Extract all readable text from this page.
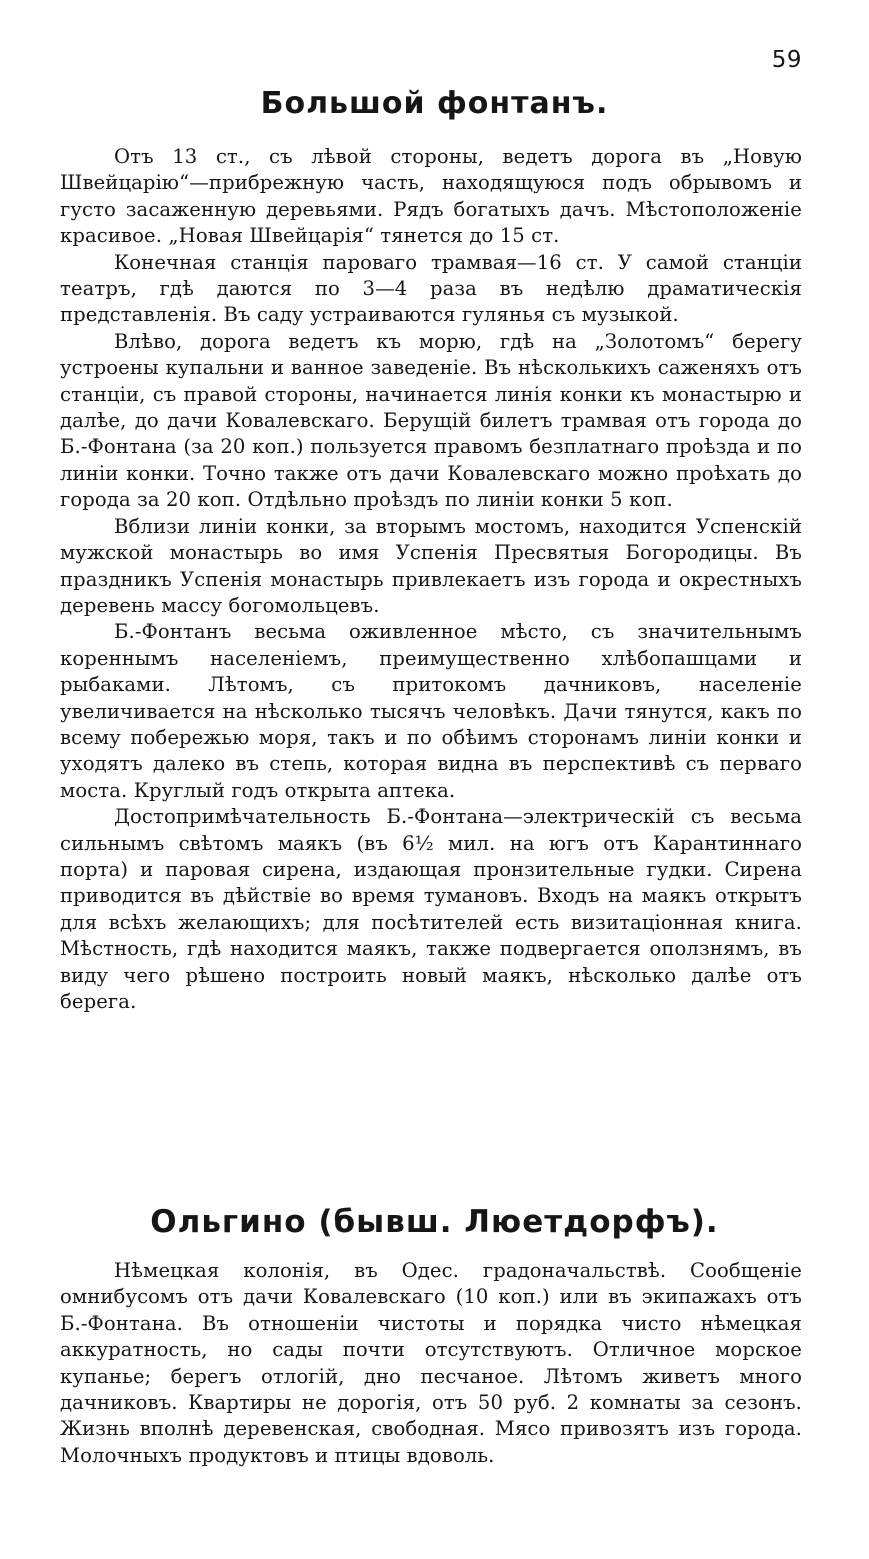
59
Большой фонтанъ.

Отъ 13 ст., съ лѣвой стороны, ведетъ дорога въ „Новую Швейцарію“—прибрежную часть, находящуюся подъ обрывомъ и густо засаженную деревьями. Рядъ богатыхъ дачъ. Мѣстоположеніе красивое. „Новая Швейцарія“ тянется до 15 ст.

Конечная станція пароваго трамвая—16 ст. У самой станціи театръ, гдѣ даются по 3—4 раза въ недѣлю драматическія представленія. Въ саду устраиваются гулянья съ музыкой.

Влѣво, дорога ведетъ къ морю, гдѣ на „Золотомъ“ берегу устроены купальни и ванное заведеніе. Въ нѣсколькихъ саженяхъ отъ станціи, съ правой стороны, начинается линія конки къ монастырю и далѣе, до дачи Ковалевскаго. Берущій билетъ трамвая отъ города до Б.-Фонтана (за 20 коп.) пользуется правомъ безплатнаго проѣзда и по линіи конки. Точно также отъ дачи Ковалевскаго можно проѣхать до города за 20 коп. Отдѣльно проѣздъ по линіи конки 5 коп.

Вблизи линіи конки, за вторымъ мостомъ, находится Успенскій мужской монастырь во имя Успенія Пресвятыя Богородицы. Въ праздникъ Успенія монастырь привлекаетъ изъ города и окрестныхъ деревень массу богомольцевъ.

Б.-Фонтанъ весьма оживленное мѣсто, съ значительнымъ кореннымъ населеніемъ, преимущественно хлѣбопашцами и рыбаками. Лѣтомъ, съ притокомъ дачниковъ, населеніе увеличивается на нѣсколько тысячъ человѣкъ. Дачи тянутся, какъ по всему побережью моря, такъ и по обѣимъ сторонамъ линіи конки и уходятъ далеко въ степь, которая видна въ перспективѣ съ перваго моста. Круглый годъ открыта аптека.

Достопримѣчательность Б.-Фонтана—электрическій съ весьма сильнымъ свѣтомъ маякъ (въ 6½ мил. на югъ отъ Карантиннаго порта) и паровая сирена, издающая пронзительные гудки. Сирена приводится въ дѣйствіе во время тумановъ. Входъ на маякъ открытъ для всѣхъ желающихъ; для посѣтителей есть визитаціонная книга. Мѣстность, гдѣ находится маякъ, также подвергается оползнямъ, въ виду чего рѣшено построить новый маякъ, нѣсколько далѣе отъ берега.

Ольгино (бывш. Люетдорфъ).

Нѣмецкая колонія, въ Одес. градоначальствѣ. Сообщеніе омнибусомъ отъ дачи Ковалевскаго (10 коп.) или въ экипажахъ отъ Б.-Фонтана. Въ отношеніи чистоты и порядка чисто нѣмецкая аккуратность, но сады почти отсутствуютъ. Отличное морское купанье; берегъ отлогій, дно песчаное. Лѣтомъ живетъ много дачниковъ. Квартиры не дорогія, отъ 50 руб. 2 комнаты за сезонъ. Жизнь вполнѣ деревенская, свободная. Мясо привозятъ изъ города. Молочныхъ продуктовъ и птицы вдоволь.
